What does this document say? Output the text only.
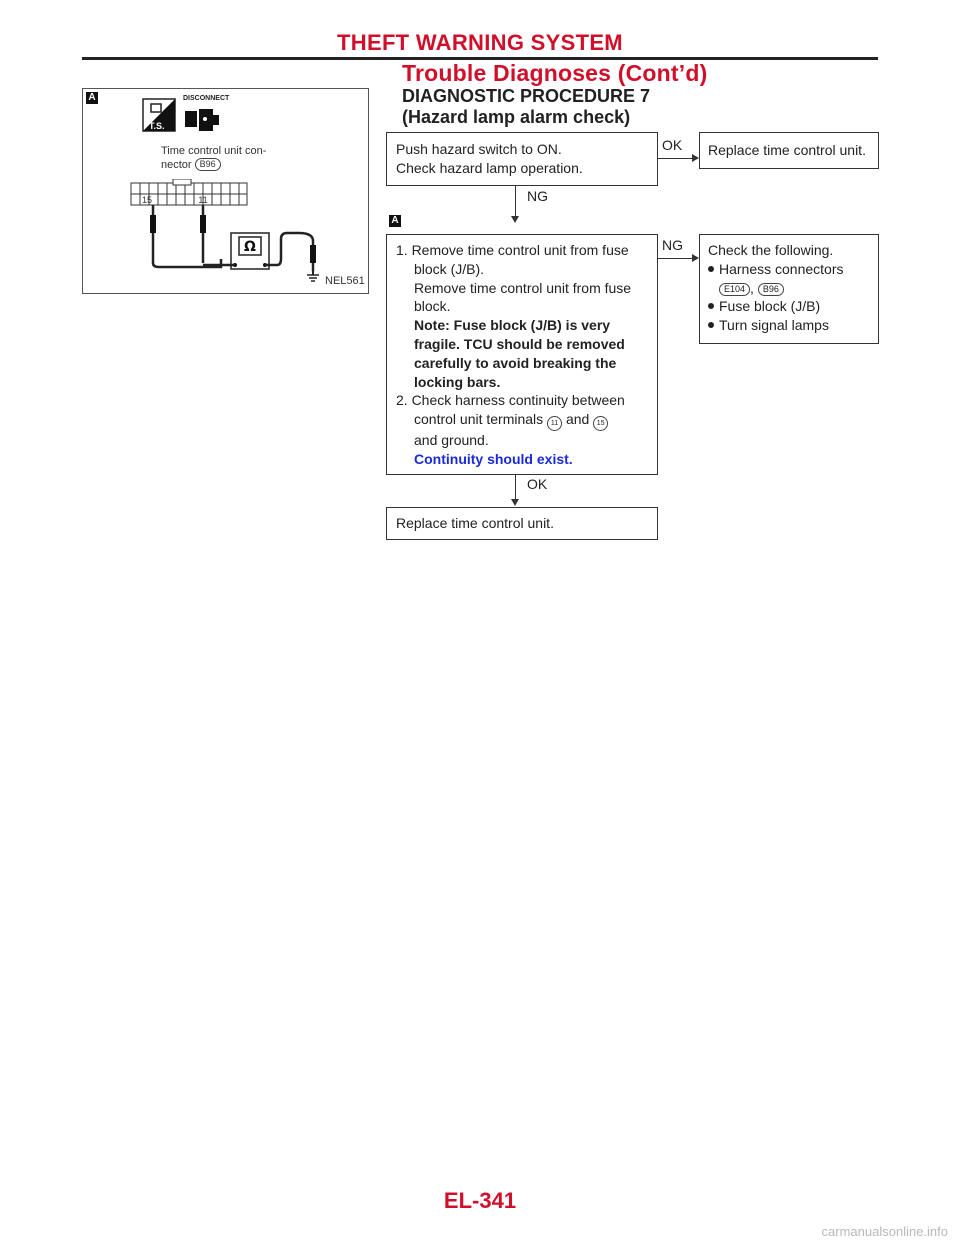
THEFT WARNING SYSTEM
Trouble Diagnoses (Cont’d)
DIAGNOSTIC PROCEDURE 7
(Hazard lamp alarm check)
A	DISCONNECT
T.S.
Time control unit con-
nector B96
15	11
Ω
NEL561
Push hazard switch to ON.
Check hazard lamp operation.
OK Replace time control unit.
NG
A
1. Remove time control unit from fuse
block (J/B).
Remove time control unit from fuse
block.
Note: Fuse block (J/B) is very
fragile. TCU should be removed
carefully to avoid breaking the
locking bars.
2. Check harness continuity between
control unit terminals 11 and 15
and ground.
Continuity should exist.
NG Check the following.
Harness connectors
E104 , B96
Fuse block (J/B)
Turn signal lamps
OK
Replace time control unit.
EL-341
carmanualsonline.info
